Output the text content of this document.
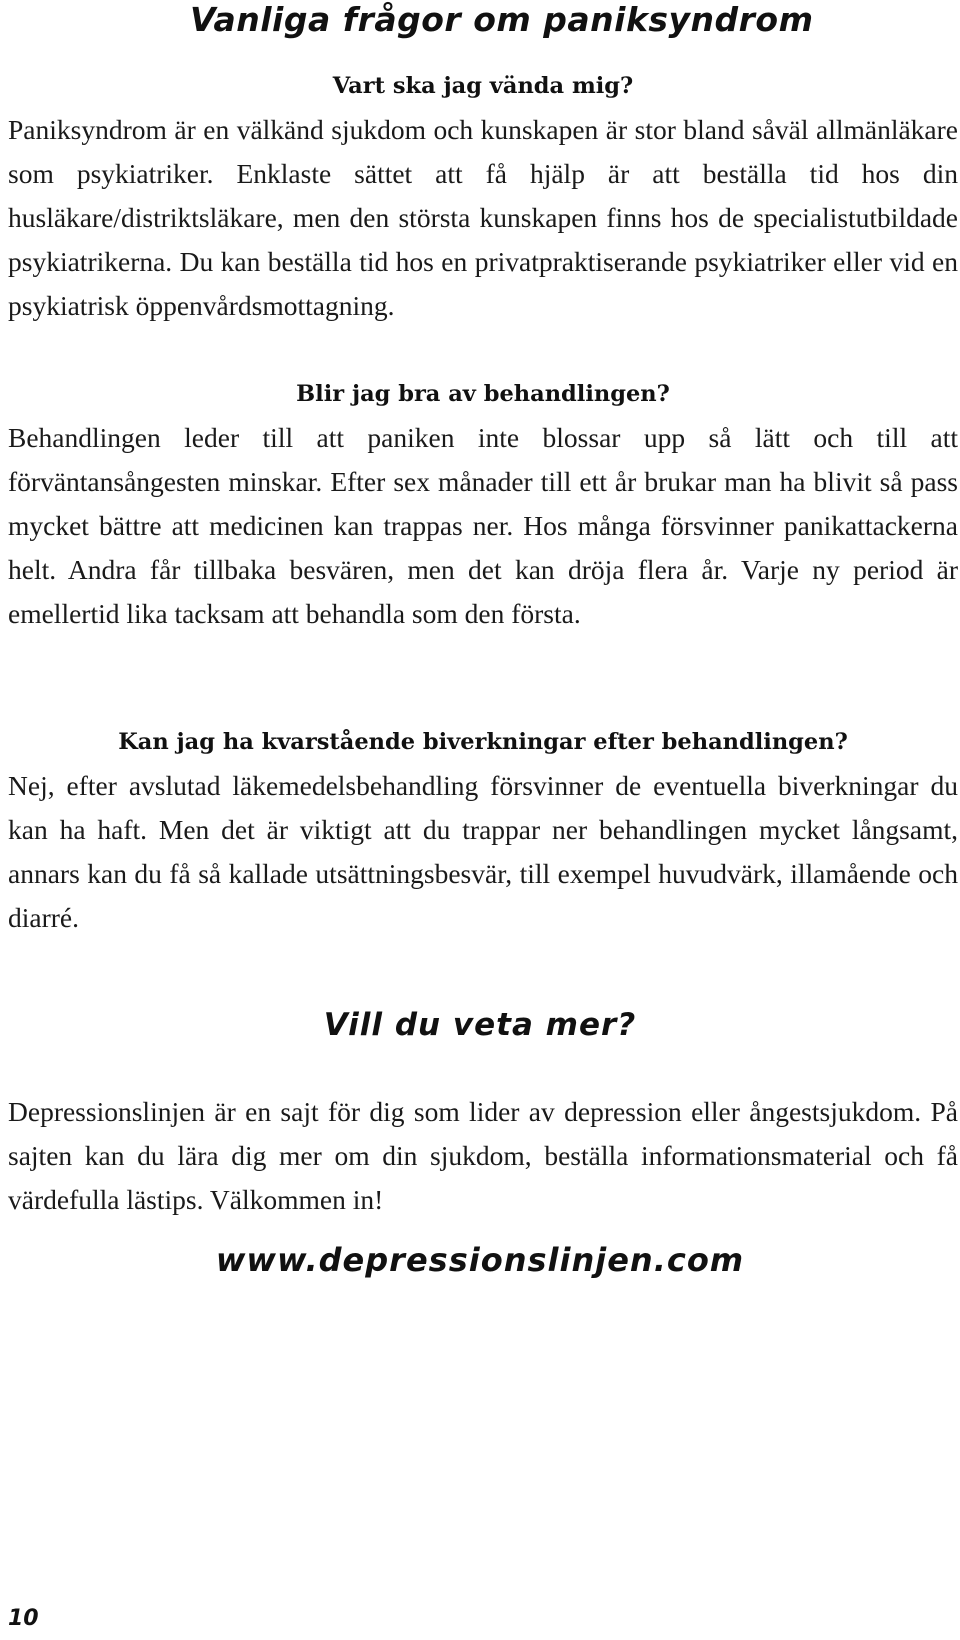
Vanliga frågor om paniksyndrom
Vart ska jag vända mig?

Paniksyndrom är en välkänd sjukdom och kunskapen är stor bland såväl allmänläkare som psykiatriker. Enklaste sättet att få hjälp är att beställa tid hos din husläkare/distriktsläkare, men den största kunskapen finns hos de specialistutbildade psykiatrikerna. Du kan beställa tid hos en privatpraktiserande psykiatriker eller vid en psykiatrisk öppenvårdsmottagning.

Blir jag bra av behandlingen?

Behandlingen leder till att paniken inte blossar upp så lätt och till att förväntansångesten minskar. Efter sex månader till ett år brukar man ha blivit så pass mycket bättre att medicinen kan trappas ner. Hos många försvinner panikattackerna helt. Andra får tillbaka besvären, men det kan dröja flera år. Varje ny period är emellertid lika tacksam att behandla som den första.

Kan jag ha kvarstående biverkningar efter behandlingen?

Nej, efter avslutad läkemedelsbehandling försvinner de eventuella biverkningar du kan ha haft. Men det är viktigt att du trappar ner behandlingen mycket långsamt, annars kan du få så kallade utsättningsbesvär, till exempel huvudvärk, illamående och diarré.

Vill du veta mer?

Depressionslinjen är en sajt för dig som lider av depression eller ångestsjukdom. På sajten kan du lära dig mer om din sjukdom, beställa informationsmaterial och få värdefulla lästips. Välkommen in!

www.depressionslinjen.com
10
